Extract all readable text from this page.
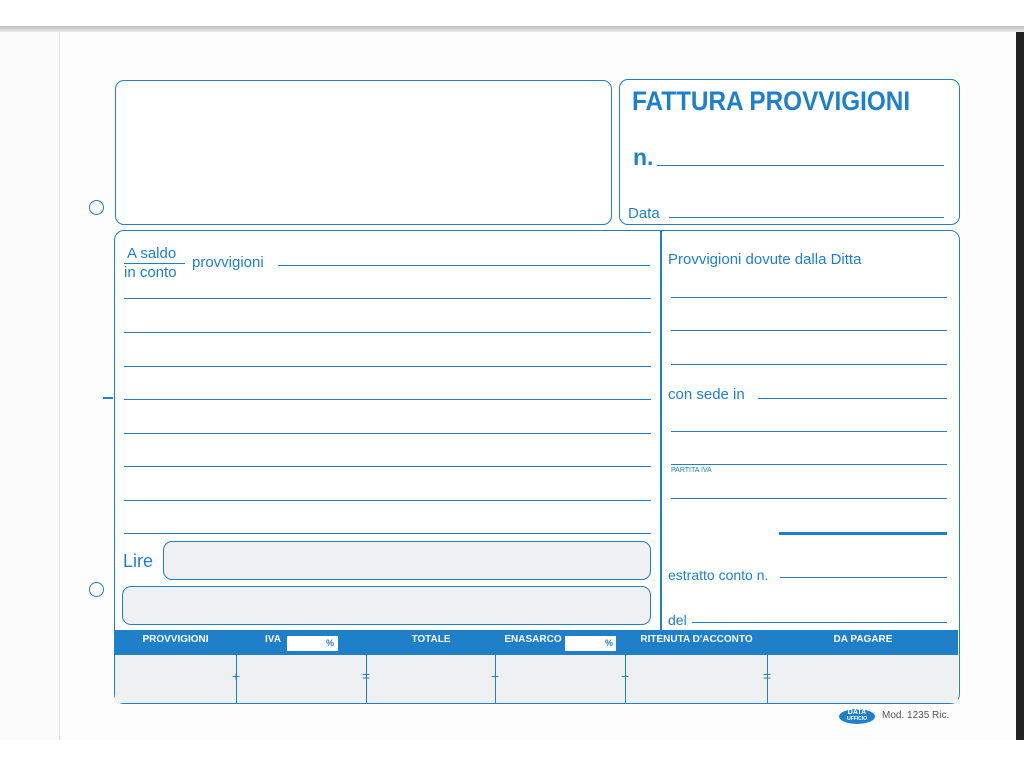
FATTURA PROVVIGIONI
n.
Data
A saldo
in conto
provvigioni
Lire
Provvigioni dovute dalla Ditta
con sede in
PARTITA IVA
estratto conto n.
del
PROVVIGIONI	IVA	%	TOTALE	ENASARCO	%	RITENUTA D'ACCONTO	DA PAGARE
+	=	−	−	=
DATA
UFFICIO	Mod. 1235 Ric.
